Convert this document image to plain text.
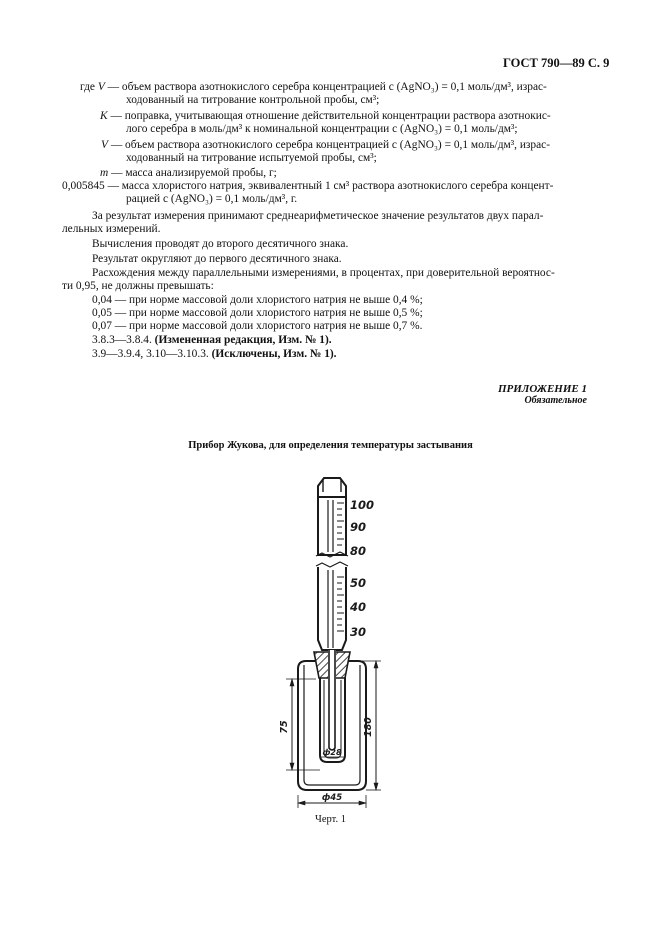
ГОСТ 790—89 С. 9
где V — объем раствора азотнокислого серебра концентрацией с (AgNO₃) = 0,1 моль/дм³, израс-
ходованный на титрование контрольной пробы, см³;
K — поправка, учитывающая отношение действительной концентрации раствора азотнокис-
лого серебра в моль/дм³ к номинальной концентрации с (AgNO₃) = 0,1 моль/дм³;
V — объем раствора азотнокислого серебра концентрацией с (AgNO₃) = 0,1 моль/дм³, израс-
ходованный на титрование испытуемой пробы, см³;
m — масса анализируемой пробы, г;
0,005845 — масса хлористого натрия, эквивалентный 1 см³ раствора азотнокислого серебра концент-
рацией с (AgNO₃) = 0,1 моль/дм³, г.
За результат измерения принимают среднеарифметическое значение результатов двух парал-
лельных измерений.
Вычисления проводят до второго десятичного знака.
Результат округляют до первого десятичного знака.
Расхождения между параллельными измерениями, в процентах, при доверительной вероятнос-
ти 0,95, не должны превышать:
0,04 — при норме массовой доли хлористого натрия не выше 0,4 %;
0,05 — при норме массовой доли хлористого натрия не выше 0,5 %;
0,07 — при норме массовой доли хлористого натрия не выше 0,7 %.
3.8.3—3.8.4. (Измененная редакция, Изм. № 1).
3.9—3.9.4, 3.10—3.10.3. (Исключены, Изм. № 1).
ПРИЛОЖЕНИЕ 1
Обязательное
Прибор Жукова, для определения температуры застывания
100
90
80
50
40
30
75	180
ф28
ф45
Черт. 1
